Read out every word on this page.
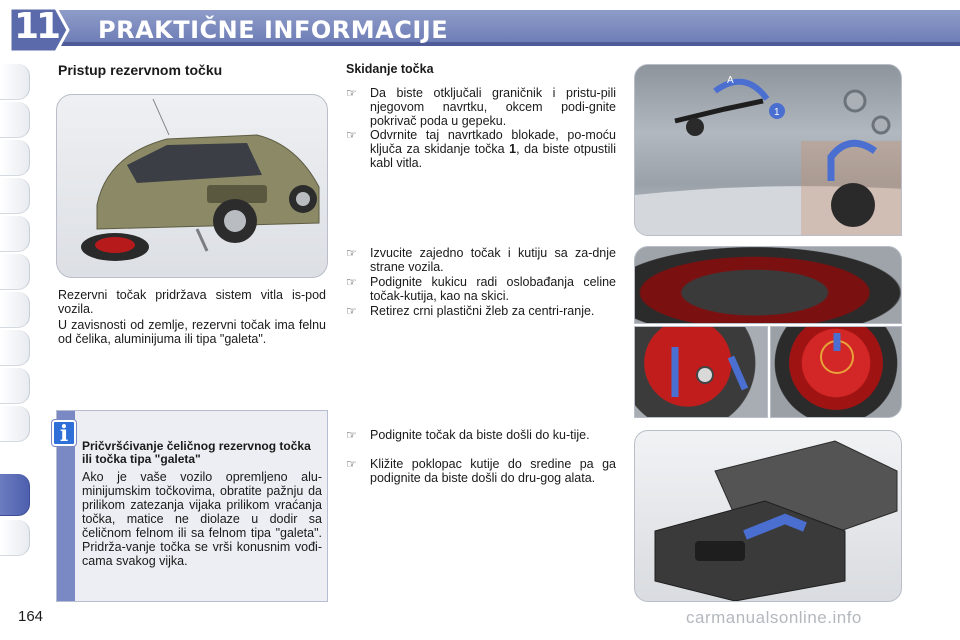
11 PRAKTIČNE INFORMACIJE
Pristup rezervnom točku
Rezervni točak pridržava sistem vitla is-pod vozila.
U zavisnosti od zemlje, rezervni točak ima felnu od čelika, aluminijuma ili tipa "galeta".
i	Pričvršćivanje čeličnog rezervnog točka ili točka tipa "galeta"
Ako je vaše vozilo opremljeno alu-minijumskim točkovima, obratite pažnju da prilikom zatezanja vijaka prilikom vraćanja točka, matice ne diolaze u dodir sa čeličnom felnom ili sa felnom tipa "galeta". Pridrža-vanje točka se vrši konusnim vođi-cama svakog vijka.
Skidanje točka
☞ Da biste otključali graničnik i pristu-pili njegovom navrtku, okcem podi-gnite pokrivač poda u gepeku.
☞ Odvrnite taj navrtkado blokade, po-moću ključa za skidanje točka 1, da biste otpustili kabl vitla.
☞ Izvucite zajedno točak i kutiju sa za-dnje strane vozila.
☞ Podignite kukicu radi oslobađanja celine točak-kutija, kao na skici.
☞ Retirez crni plastični žleb za centri-ranje.
☞ Podignite točak da biste došli do ku-tije.
☞ Kližite poklopac kutije do sredine pa ga podignite da biste došli do dru-gog alata.
1
A
164	carmanualsonline.info
